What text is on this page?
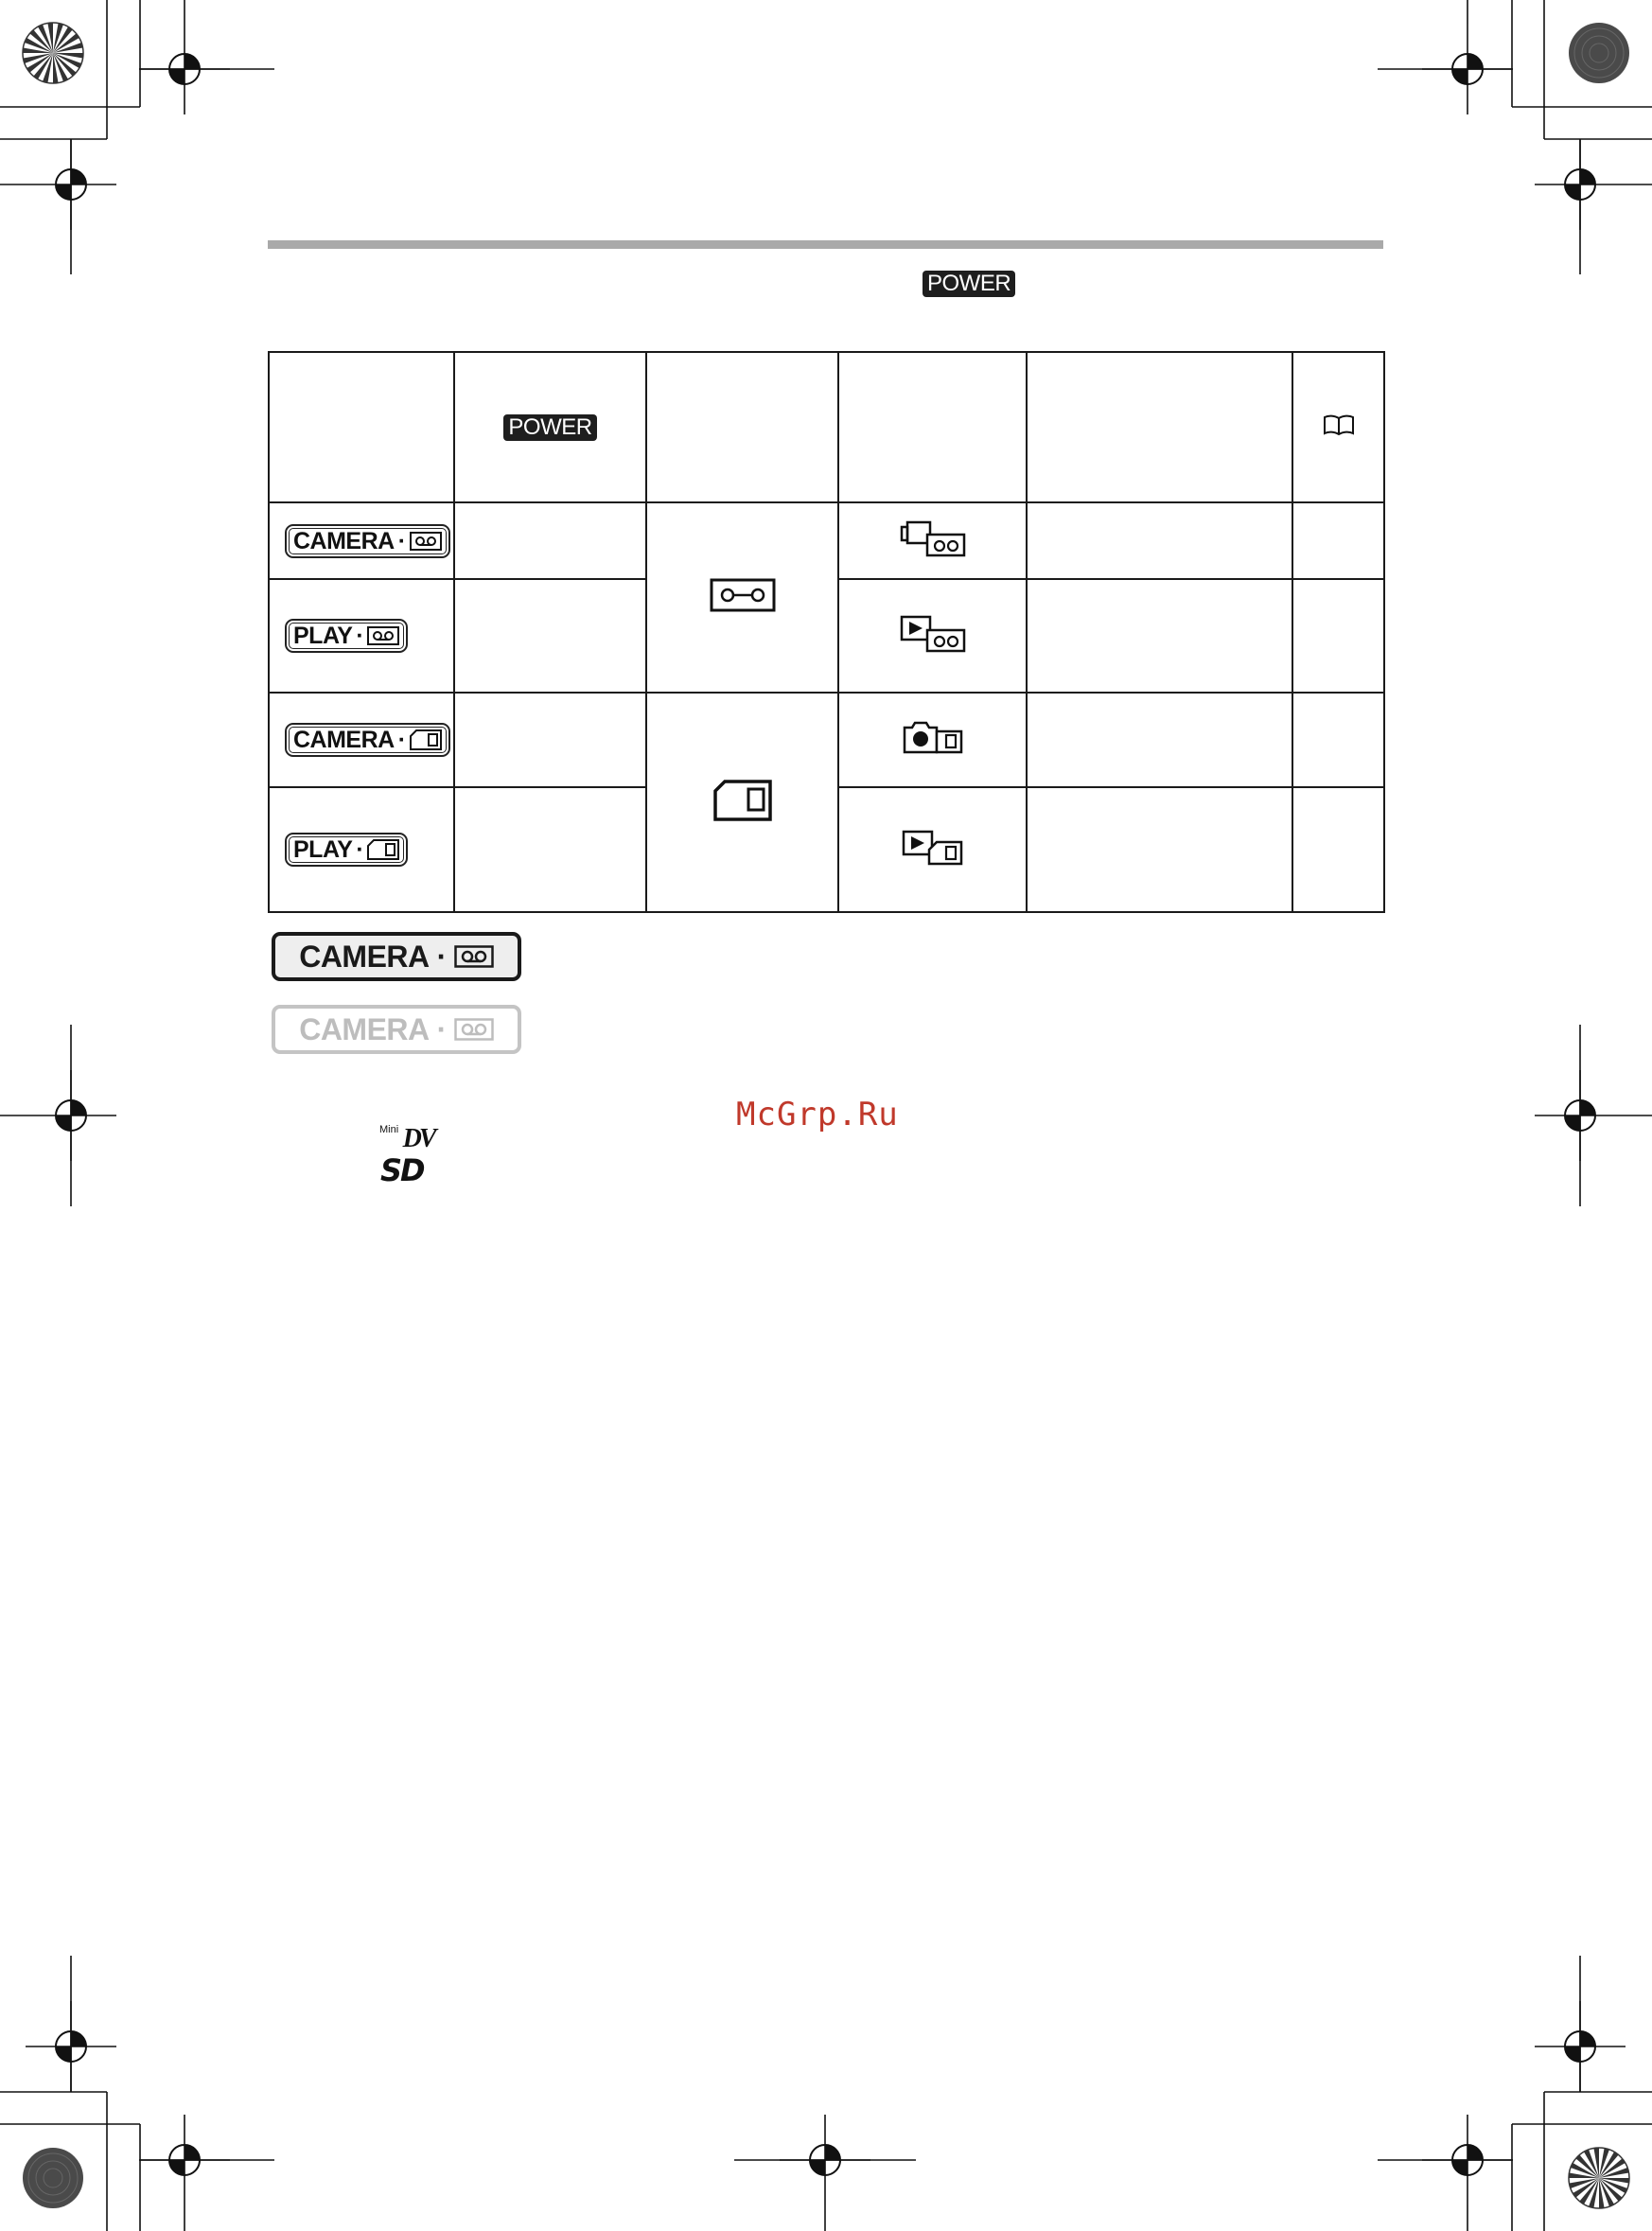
POWER
	POWER				

CAMERA ·

PLAY ·

CAMERA ·

PLAY ·

CAMERA ·
CAMERA ·
$^{Mini}$ DV
SD
McGrp.Ru
